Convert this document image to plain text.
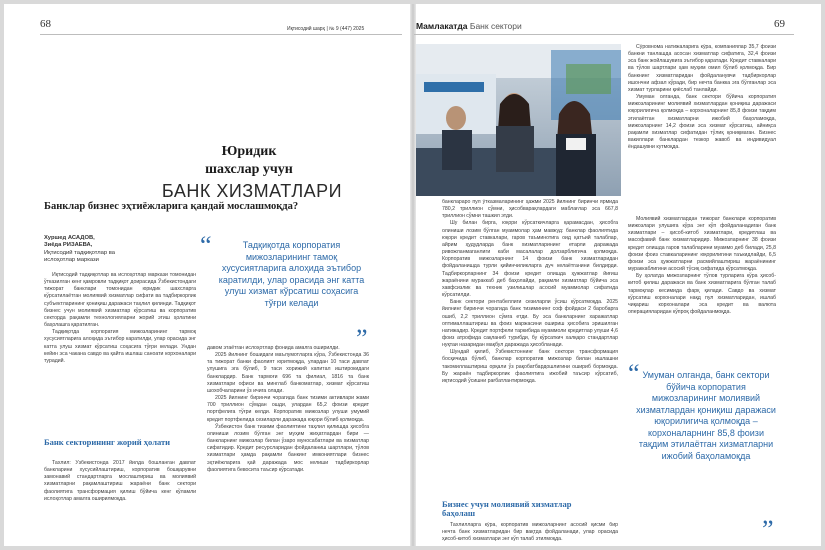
68	Иқтисодий шарҳ | № 9 (447) 2025
Юридик
шахслар учун
БАНК ХИЗМАТЛАРИ
Банклар бизнес эҳтиёжларига қандай мослашмоқда?
Хуршед АСАДОВ,
Зиёда РИЗАЕВА,
Иқтисодий тадқиқотлар ва ислоҳотлар маркази	“	Тадқиқотда корпоратия мижозларининг тамоқ хусусиятларига алоҳида эътибор каратилди, улар орасида энг катта улуш хизмат кўрсатиш соҳасига тўғри келади
”

Иқтисодий тадқиқотлар ва ислоҳотлар маркази томонидан ўтказилган кенг қамровли тадқиқот доирасида Ўзбекистондаги тижорат банклари томонидан юридик шахсларга кўрсатилаётган молиявий хизматлар сифати ва тадбиркорлик субъектларининг қониқиш даражаси таҳлил қилинди. Тадқиқот бизнес учун молиявий хизматлар кўрсатиш ва корпоратив секторда рақамли технологияларни жорий этиш ҳолатини баҳолашга қаратилган.

Тадқиқотда корпоратия мижозларининг тармоқ хусусиятларига алоҳида эътибор каратилди, улар орасида энг катта улуш хизмат кўрсатиш соҳасига тўғри келади. Ундан кейин эса чакана савдо ва қайта ишлаш саноати корхоналари турадий.

Банк секторининг жорий ҳолати

Тахлил: Ўзбекистонда 2017 йилда бошланган давлат банкларини хусусийлаштириш, корпоратив бошқарувни замонавий стандартларга мослаштириш ва молиявий хизматларни рақамлаштириш жараёни банк сектори фаолиятига трансформация қилиш бўйича кенг кўламли ислоҳотлар амалга оширилмоқда.

давом этаётган ислоҳотлар фонида амалга оширилди.

2025 йилнинг бошидаги маълумотларга кўра, Ўзбекистонда 36 та тижорат банки фаолият юритмоқда, улардан 10 таси давлат улушига эга бўлиб, 9 таси хорижий капитал иштирокидаги банклардир. Банк тармоғи 696 та филиал, 1816 та банк хизматлари офиси ва минглаб банкоматлар, хизмат кўрсатиш шохобчаларини ўз ичига олади.

2025 йилнинг биринчи чорагида банк тизими активлари жами 700 триллион сўмдан ошди, улардан 65,2 фоизи кредит портфелига тўғри келди. Корпоратив мижозлар улуши умумий кредит портфелида сезиларли даражада юқори бўлиб қолмоқда.

Ўзбекистон банк тизими фаолиятини таҳлил қилишда ҳисобга олиниши лозим бўлган энг муҳим жиҳатлардан бири — банкларнинг мижозлар билан ўзаро муносабатлари ва хизматлар сифатидир. Кредит ресурсларидан фойдаланиш шартлари, тўлов хизматлари ҳамда рақамли банкинг имкониятлари бизнес эҳтиёжларига қай даражада мос келиши тадбиркорлар фаолиятига бевосита таъсир кўрсатади.

Мамлакатда Банк сектори	69

Сўровнома натижаларига кўра, компаниялар 35,7 фоизи банкни танлашда асосан хизматлар сифатига, 32,4 фоизи эса банк жойлашувига эътибор қаратади. Кредит ставкалари ва тўлов шартлари ҳам муҳим омил бўлиб қолмоқда. Бир банкнинг хизматларидан фойдаланувчи тадбиркорлар ишончни афзал кўради, бир нечта банкка эга бўлганлар эса хизмат турларини қиёслаб танлайди.

Умуман олганда, банк сектори бўйича корпоратия мижозларининг молиявий хизматлардан қониқиш даражаси юқорилигича қолмоқда – корхоналарнинг 85,8 фоизи тақдим этилаётган хизматларни ижобий баҳоламоқда, мижозларнинг 14,2 фоизи эса хизмат кўрсатиш, айниқса рақамли хизматлар сифатидан тўлиқ қониқмаган. Бизнес вакиллари банклардан тезкор жавоб ва индивидуал ёндашувни кутмоқда.

Молиявий хизматлардан тижорат банклари корпоратив мижозлари улушига кўра энг кўп фойдаланадиган банк хизматлари – ҳисоб-китоб хизматлари, кредитлаш ва масофавий банк хизматларидир. Мижозларнинг 38 фоизи кредит олишда гаров талабларини муаммо деб билади, 25,8 фоизи фоиз ставкаларининг юқорилигини таъкидлайди, 6,5 фоизи эса ҳужжатларни расмийлаштириш жараёнининг мураккаблигини асосий тўсиқ сифатида кўрсатмоқда.

Бу ҳолатда мижозларнинг тўлов турларига кўра ҳисоб-китоб қилиш даражаси ва банк хизматларига бўлган талаб тармоқлар кесимида фарқ қилади. Савдо ва хизмат кўрсатиш корхоналари нақд пул хизматларидан, ишлаб чиқариш корхоналари эса кредит ва валюта операцияларидан кўпроқ фойдаланмоқда.

банклараро пул ўтказмаларининг ҳажми 2025 йилнинг биринчи ярмида 780,2 триллион сўмни, ҳисобварақлардаги маблағлар эса 667,8 триллион сўмни ташкил этди.

Шу билан бирга, юқори кўрсаткичларга қарамасдан, ҳисобга олиниши лозим бўлган муаммолар ҳам мавжуд: банклар фаолиятида юқори кредит ставкалари, гаров таъминотига оид қатъий талаблар, айрим ҳудудларда банк хизматларининг етарли даражада ривожланмаганлиги каби масалалар долзарблигича қолмоқда. Корпоратив мижозларнинг 14 фоизи банк хизматларидан фойдаланишда турли қийинчиликларга дуч келаётганини билдирди. Тадбиркорларнинг 34 фоизи кредит олишда ҳужжатлар йиғиш жараёнини мураккаб деб баҳолайди, рақамли хизматлар бўйича эса хавфсизлик ва техник узилишлар асосий муаммолар сифатида кўрсатилди.

Банк сектори рентабеллиги сезиларли ўсиш кўрсатмоқда. 2025 йилнинг биринчи чорагида банк тизимининг соф фойдаси 2 баробарга ошиб, 2,2 триллион сўмга етди. Бу эса банкларнинг харажатлар оптималлаштириш ва фоиз маржасини ошириш ҳисобига эришилган натижадир. Кредит портфели таркибида муаммоли кредитлар улуши 4,6 фоиз атрофида сақланиб турибди, бу кўрсаткич халқаро стандартлар нуқтаи назаридан мақбул даражада ҳисобланади.

Шундай қилиб, Ўзбекистоннинг банк сектори трансформация босқичида бўлиб, банклар корпоратив мижозлар билан ишлашни такомиллаштириш орқали ўз рақобатбардошлигини ошириб бормоқда. Бу жараён тадбиркорлик фаолиятига ижобий таъсир кўрсатиб, иқтисодий ўсишни рағбатлантирмоқда.

Бизнес учун молиявий хизматлар баҳолаш

Тахлилларга кўра, корпоратив мижозларнинг асосий қисми бир нечта банк хизматларидан бир вақтда фойдаланади, улар орасида ҳисоб-китоб хизматлари энг кўп талаб этилмоқда.

“ Умуман олганда, банк сектори бўйича корпоратия мижозларининг молиявий хизматлардан қониқиш даражаси юқорилигича қолмоқда – корхоналарнинг 85,8 фоизи тақдим этилаётган хизматларни ижобий баҳоламоқда
”
